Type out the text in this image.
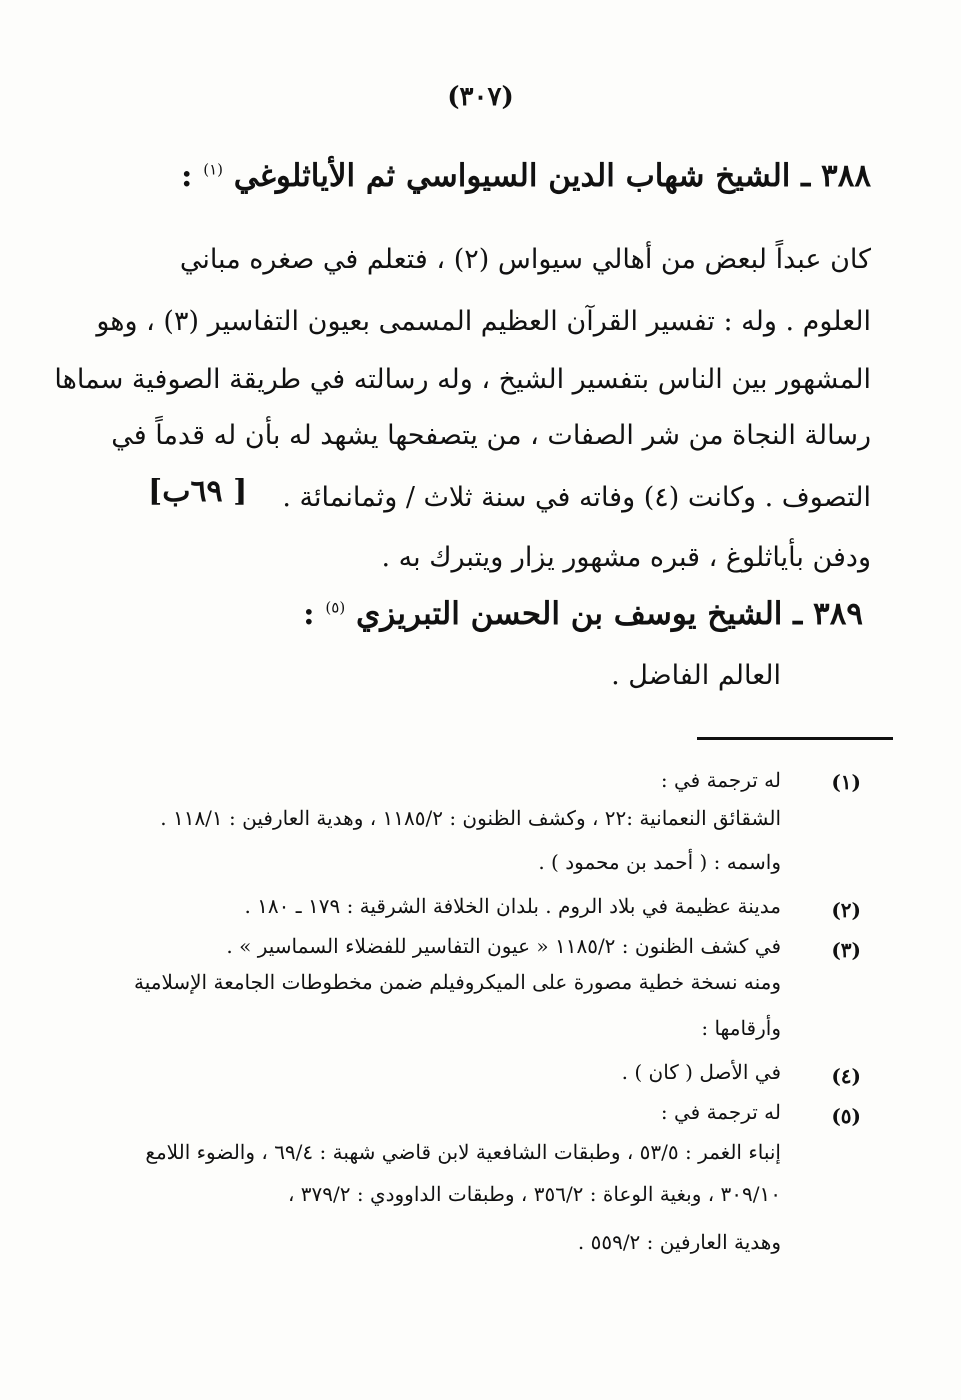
(٣٠٧)
٣٨٨ ـ الشيخ شهاب الدين السيواسي ثم الأياثلوغي $^{(١)}$ :
كان عبداً لبعض من أهالي سيواس (٢) ، فتعلم في صغره مباني
العلوم . وله : تفسير القرآن العظيم المسمى بعيون التفاسير (٣) ، وهو
المشهور بين الناس بتفسير الشيخ ، وله رسالته في طريقة الصوفية سماها
رسالة النجاة من شر الصفات ، من يتصفحها يشهد له بأن له قدماً في
التصوف . وكانت (٤) وفاته في سنة ثلاث / وثمانمائة .
[ ٦٩ب]
ودفن بأياثلوغ ، قبره مشهور يزار ويتبرك به .
٣٨٩ ـ الشيخ يوسف بن الحسن التبريزي $^{(٥)}$ :
العالم الفاضل .
(١)
له ترجمة في :
الشقائق النعمانية :٢٢ ، وكشف الظنون : ١١٨٥/٢ ، وهدية العارفين : ١١٨/١ .
واسمه : ( أحمد بن محمود ) .
(٢)
مدينة عظيمة في بلاد الروم . بلدان الخلافة الشرقية : ١٧٩ ـ ١٨٠ .
(٣)
في كشف الظنون : ١١٨٥/٢ « عيون التفاسير للفضلاء السماسير » .
ومنه نسخة خطية مصورة على الميكروفيلم ضمن مخطوطات الجامعة الإسلامية
وأرقامها :
(٤)
في الأصل ( كان ) .
(٥)
له ترجمة في :
إنباء الغمر : ٥٣/٥ ، وطبقات الشافعية لابن قاضي شهبة : ٦٩/٤ ، والضوء اللامع
٣٠٩/١٠ ، وبغية الوعاة : ٣٥٦/٢ ، وطبقات الداوودي : ٣٧٩/٢ ،
وهدية العارفين : ٥٥٩/٢ .
